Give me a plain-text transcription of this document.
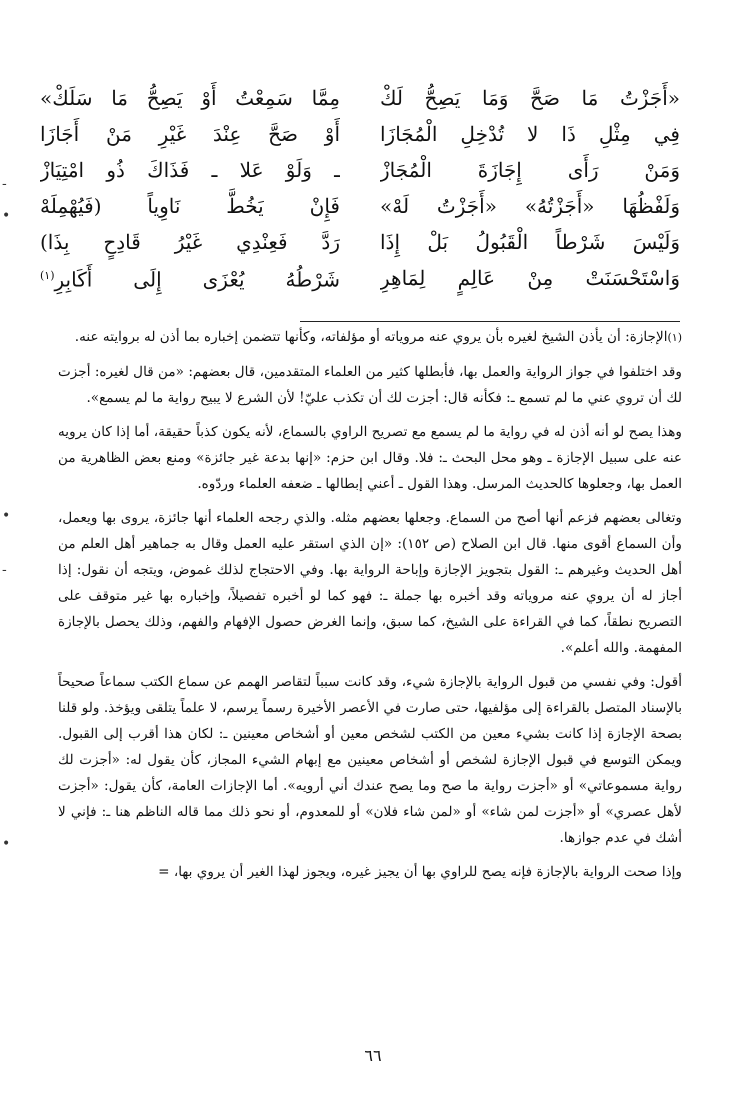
«أَجَزْتُ مَا صَحَّ وَمَا يَصِحُّ لَكْ
مِمَّا سَمِعْتُ أَوْ يَصِحُّ مَا سَلَكْ»
فِي مِثْلِ ذَا لا تُدْخِلِ الْمُجَازَا
أَوْ صَحَّ عِنْدَ غَيْرِ مَنْ أَجَازَا
وَمَنْ رَأَى إِجَازَةَ الْمُجَازْ
ـ وَلَوْ عَلا ـ فَذَاكَ ذُو امْتِيَازْ
وَلَفْظُهَا «أَجَزْتُهُ» «أَجَزْتُ لَهْ»
فَإِنْ يَخُطَّ نَاوِياً (فَيُهْمِلَهْ
وَلَيْسَ شَرْطاً الْقَبُولُ بَلْ إِذَا
رَدَّ فَعِنْدِي غَيْرُ قَادِحٍ بِذَا)
وَاسْتَحْسَنَتْ مِنْ عَالِمٍ لِمَاهِرِ
شَرْطُهُ يُعْزَى إِلَى أَكَابِرِ$^{(١)}$

(١)الإجازة: أن يأذن الشيخ لغيره بأن يروي عنه مروياته أو مؤلفاته، وكأنها تتضمن إخباره بما أذن له بروايته عنه.

وقد اختلفوا في جواز الرواية والعمل بها، فأبطلها كثير من العلماء المتقدمين، قال بعضهم: «من قال لغيره: أجزت لك أن تروي عني ما لم تسمع ـ: فكأنه قال: أجزت لك أن تكذب عليّ! لأن الشرع لا يبيح رواية ما لم يسمع».

وهذا يصح لو أنه أذن له في رواية ما لم يسمع مع تصريح الراوي بالسماع، لأنه يكون كذباً حقيقة، أما إذا كان يرويه عنه على سبيل الإجازة ـ وهو محل البحث ـ: فلا. وقال ابن حزم: «إنها بدعة غير جائزة» ومنع بعض الظاهرية من العمل بها، وجعلوها كالحديث المرسل. وهذا القول ـ أعني إبطالها ـ ضعفه العلماء وردّوه.

وتغالى بعضهم فزعم أنها أصح من السماع. وجعلها بعضهم مثله. والذي رجحه العلماء أنها جائزة، يروى بها ويعمل، وأن السماع أقوى منها. قال ابن الصلاح (ص ١٥٢): «إن الذي استقر عليه العمل وقال به جماهير أهل العلم من أهل الحديث وغيرهم ـ: القول بتجويز الإجازة وإباحة الرواية بها. وفي الاحتجاج لذلك غموض، ويتجه أن نقول: إذا أجاز له أن يروي عنه مروياته وقد أخبره بها جملة ـ: فهو كما لو أخبره تفصيلاً، وإخباره بها غير متوقف على التصريح نطقاً، كما في القراءة على الشيخ، كما سبق، وإنما الغرض حصول الإفهام والفهم، وذلك يحصل بالإجازة المفهمة. والله أعلم».

أقول: وفي نفسي من قبول الرواية بالإجازة شيء، وقد كانت سبباً لتقاصر الهمم عن سماع الكتب سماعاً صحيحاً بالإسناد المتصل بالقراءة إلى مؤلفيها، حتى صارت في الأعصر الأخيرة رسماً يرسم، لا علماً يتلقى ويؤخذ. ولو قلنا بصحة الإجازة إذا كانت بشيء معين من الكتب لشخص معين أو أشخاص معينين ـ: لكان هذا أقرب إلى القبول. ويمكن التوسع في قبول الإجازة لشخص أو أشخاص معينين مع إبهام الشيء المجاز، كأن يقول له: «أجزت لك رواية مسموعاتي» أو «أجزت رواية ما صح وما يصح عندك أني أرويه». أما الإجازات العامة، كأن يقول: «أجزت لأهل عصري» أو «أجزت لمن شاء» أو «لمن شاء فلان» أو للمعدوم، أو نحو ذلك مما قاله الناظم هنا ـ: فإني لا أشك في عدم جوازها.

وإذا صحت الرواية بالإجازة فإنه يصح للراوي بها أن يجيز غيره، ويجوز لهذا الغير أن يروي بها، =

٦٦
-
•
•
-
•
